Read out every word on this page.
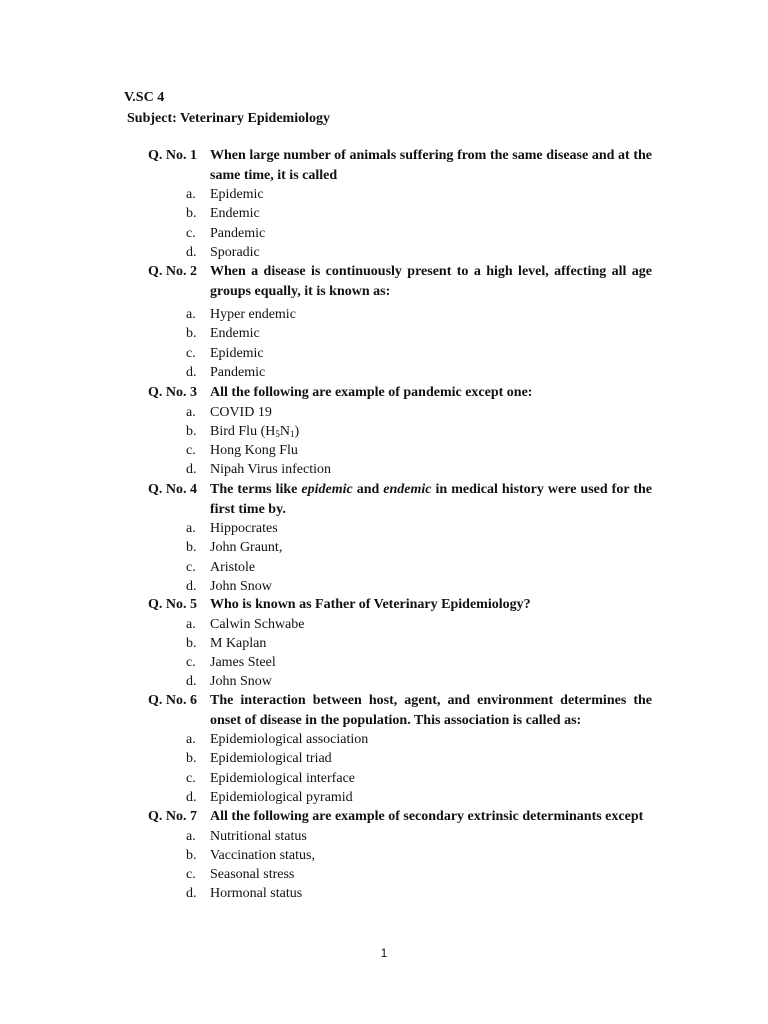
V.SC 4
Subject: Veterinary Epidemiology
Q. No. 1 When large number of animals suffering from the same disease and at the same time, it is called
a.	Epidemic
b. Endemic
c.	Pandemic
d. Sporadic
Q. No. 2 When a disease is continuously present to a high level, affecting all age groups equally, it is known as:
a.	Hyper endemic
b. Endemic
c.	Epidemic
d. Pandemic
Q. No. 3 All the following are example of pandemic except one:
a.	COVID 19
b. Bird Flu $(H_5N_1)$
c.	Hong Kong Flu
d. Nipah Virus infection
Q. No. 4 The terms like epidemic and endemic in medical history were used for the first time by.
a.	Hippocrates
b. John Graunt,
c.	Aristole
d. John Snow
Q. No. 5 Who is known as Father of Veterinary Epidemiology?
a.	Calwin Schwabe
b. M Kaplan
c.	James Steel
d. John Snow
Q. No. 6 The interaction between host, agent, and environment determines the onset of disease in the population. This association is called as:
a.	Epidemiological association
b. Epidemiological triad
c.	Epidemiological interface
d. Epidemiological pyramid
Q. No. 7 All the following are example of secondary extrinsic determinants except
a.	Nutritional status
b. Vaccination status,
c.	Seasonal stress
d. Hormonal status
1
